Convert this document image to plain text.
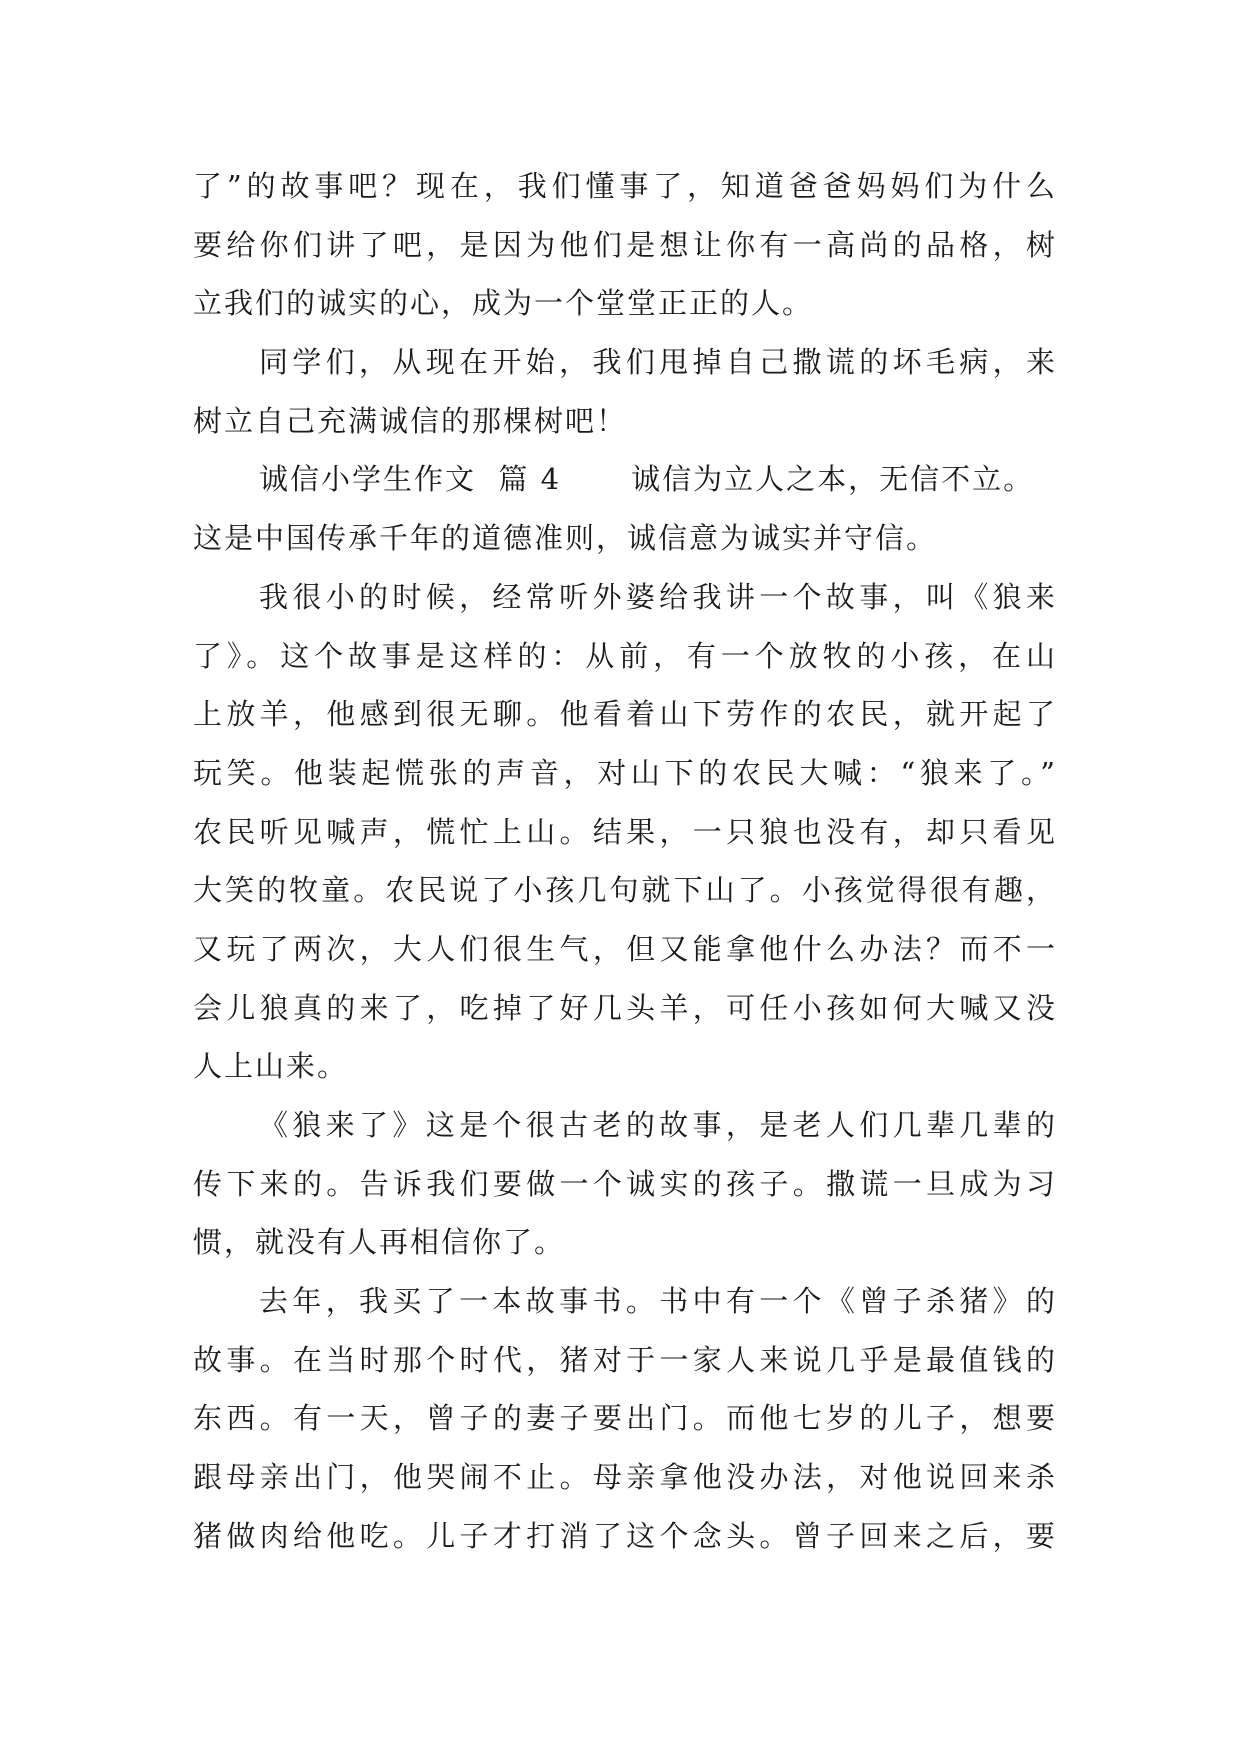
了”的故事吧？现在，我们懂事了，知道爸爸妈妈们为什么
要给你们讲了吧，是因为他们是想让你有一高尚的品格，树
立我们的诚实的心，成为一个堂堂正正的人。
同学们，从现在开始，我们甩掉自己撒谎的坏毛病，来
树立自己充满诚信的那棵树吧！
诚信小学生作文  篇 4 诚信为立人之本，无信不立。
这是中国传承千年的道德准则，诚信意为诚实并守信。
我很小的时候，经常听外婆给我讲一个故事，叫《狼来
了》。这个故事是这样的：从前，有一个放牧的小孩，在山
上放羊，他感到很无聊。他看着山下劳作的农民，就开起了
玩笑。他装起慌张的声音，对山下的农民大喊：“狼来了。”
农民听见喊声，慌忙上山。结果，一只狼也没有，却只看见
大笑的牧童。农民说了小孩几句就下山了。小孩觉得很有趣，
又玩了两次，大人们很生气，但又能拿他什么办法？而不一
会儿狼真的来了，吃掉了好几头羊，可任小孩如何大喊又没
人上山来。
《狼来了》这是个很古老的故事，是老人们几辈几辈的
传下来的。告诉我们要做一个诚实的孩子。撒谎一旦成为习
惯，就没有人再相信你了。
去年，我买了一本故事书。书中有一个《曾子杀猪》的
故事。在当时那个时代，猪对于一家人来说几乎是最值钱的
东西。有一天，曾子的妻子要出门。而他七岁的儿子，想要
跟母亲出门，他哭闹不止。母亲拿他没办法，对他说回来杀
猪做肉给他吃。儿子才打消了这个念头。曾子回来之后，要
